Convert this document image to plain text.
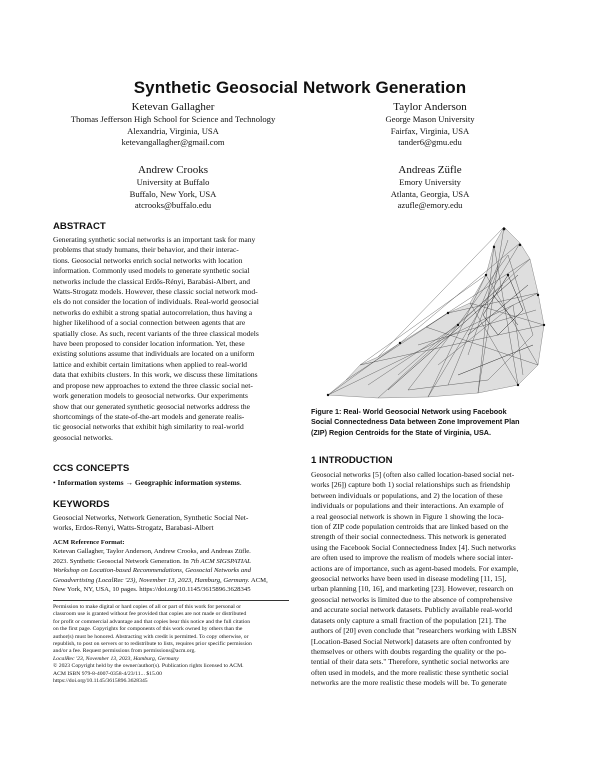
Synthetic Geosocial Network Generation
Ketevan Gallagher
Thomas Jefferson High School for Science and Technology
Alexandria, Virginia, USA
ketevangallagher@gmail.com
Taylor Anderson
George Mason University
Fairfax, Virginia, USA
tander6@gmu.edu
Andrew Crooks
University at Buffalo
Buffalo, New York, USA
atcrooks@buffalo.edu
Andreas Züfle
Emory University
Atlanta, Georgia, USA
azufle@emory.edu
ABSTRACT
Generating synthetic social networks is an important task for many
problems that study humans, their behavior, and their interac-
tions. Geosocial networks enrich social networks with location
information. Commonly used models to generate synthetic social
networks include the classical Erdős-Rényi, Barabási-Albert, and
Watts-Strogatz models. However, these classic social network mod-
els do not consider the location of individuals. Real-world geosocial
networks do exhibit a strong spatial autocorrelation, thus having a
higher likelihood of a social connection between agents that are
spatially close. As such, recent variants of the three classical models
have been proposed to consider location information. Yet, these
existing solutions assume that individuals are located on a uniform
lattice and exhibit certain limitations when applied to real-world
data that exhibits clusters. In this work, we discuss these limitations
and propose new approaches to extend the three classic social net-
work generation models to geosocial networks. Our experiments
show that our generated synthetic geosocial networks address the
shortcomings of the state-of-the-art models and generate realis-
tic geosocial networks that exhibit high similarity to real-world
geosocial networks.
CCS CONCEPTS
• Information systems → Geographic information systems.
KEYWORDS
Geosocial Networks, Network Generation, Synthetic Social Net-
works, Erdos-Renyi, Watts-Strogatz, Barabasi-Albert
ACM Reference Format:
Ketevan Gallagher, Taylor Anderson, Andrew Crooks, and Andreas Züfle.
2023. Synthetic Geosocial Network Generation. In 7th ACM SIGSPATIAL
Workshop on Location-based Recommendations, Geosocial Networks and
Geoadvertising (LocalRec '23), November 13, 2023, Hamburg, Germany. ACM,
New York, NY, USA, 10 pages. https://doi.org/10.1145/3615896.3628345
Permission to make digital or hard copies of all or part of this work for personal or
classroom use is granted without fee provided that copies are not made or distributed
for profit or commercial advantage and that copies bear this notice and the full citation
on the first page. Copyrights for components of this work owned by others than the
author(s) must be honored. Abstracting with credit is permitted. To copy otherwise, or
republish, to post on servers or to redistribute to lists, requires prior specific permission
and/or a fee. Request permissions from permissions@acm.org.
LocalRec '23, November 13, 2023, Hamburg, Germany
© 2023 Copyright held by the owner/author(s). Publication rights licensed to ACM.
ACM ISBN 979-8-4007-0358-4/23/11... $15.00
https://doi.org/10.1145/3615896.3628345
Figure 1: Real- World Geosocial Network using Facebook
Social Connectedness Data between Zone Improvement Plan
(ZIP) Region Centroids for the State of Virginia, USA.
1 INTRODUCTION
Geosocial networks [5] (often also called location-based social net-
works [26]) capture both 1) social relationships such as friendship
between individuals or populations, and 2) the location of these
individuals or populations and their interactions. An example of
a real geosocial network is shown in Figure 1 showing the loca-
tion of ZIP code population centroids that are linked based on the
strength of their social connectedness. This network is generated
using the Facebook Social Connectedness Index [4]. Such networks
are often used to improve the realism of models where social inter-
actions are of importance, such as agent-based models. For example,
geosocial networks have been used in disease modeling [11, 15],
urban planning [10, 16], and marketing [23]. However, research on
geosocial networks is limited due to the absence of comprehensive
and accurate social network datasets. Publicly available real-world
datasets only capture a small fraction of the population [21]. The
authors of [20] even conclude that "researchers working with LBSN
[Location-Based Social Network] datasets are often confronted by
themselves or others with doubts regarding the quality or the po-
tential of their data sets." Therefore, synthetic social networks are
often used in models, and the more realistic these synthetic social
networks are the more realistic these models will be. To generate
